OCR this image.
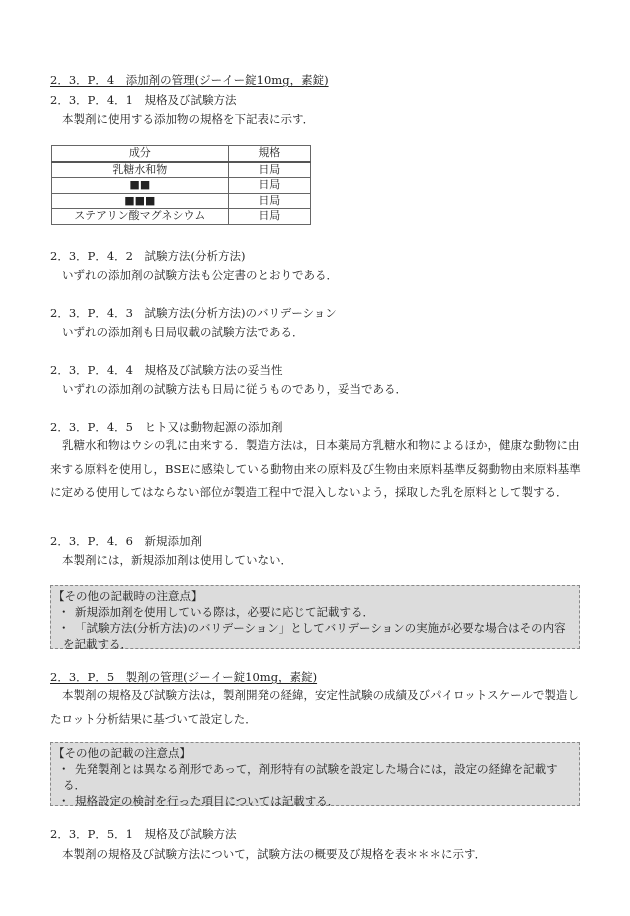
2．3．P．4　添加剤の管理(ジーイー錠10mg，素錠)
2．3．P．4．1　規格及び試験方法
本製剤に使用する添加物の規格を下記表に示す．
成分	規格
乳糖水和物	日局
■■	日局
■■■	日局
ステアリン酸マグネシウム	日局
2．3．P．4．2　試験方法(分析方法)
いずれの添加剤の試験方法も公定書のとおりである．
2．3．P．4．3　試験方法(分析方法)のバリデーション
いずれの添加剤も日局収載の試験方法である．
2．3．P．4．4　規格及び試験方法の妥当性
いずれの添加剤の試験方法も日局に従うものであり，妥当である．
2．3．P．4．5　ヒト又は動物起源の添加剤
乳糖水和物はウシの乳に由来する．製造方法は，日本薬局方乳糖水和物によるほか，健康な動物に由来する原料を使用し，BSEに感染している動物由来の原料及び生物由来原料基準反芻動物由来原料基準に定める使用してはならない部位が製造工程中で混入しないよう，採取した乳を原料として製する．
2．3．P．4．6　新規添加剤
本製剤には，新規添加剤は使用していない．
【その他の記載時の注意点】
・ 新規添加剤を使用している際は，必要に応じて記載する．
・ 「試験方法(分析方法)のバリデーション」としてバリデーションの実施が必要な場合はその内容を記載する．
2．3．P．5　製剤の管理(ジーイー錠10mg，素錠)
本製剤の規格及び試験方法は，製剤開発の経緯，安定性試験の成績及びパイロットスケールで製造したロット分析結果に基づいて設定した．
【その他の記載の注意点】
・ 先発製剤とは異なる剤形であって，剤形特有の試験を設定した場合には，設定の経緯を記載する．
・ 規格設定の検討を行った項目については記載する．
2．3．P．5．1　規格及び試験方法
本製剤の規格及び試験方法について，試験方法の概要及び規格を表＊＊＊に示す．
